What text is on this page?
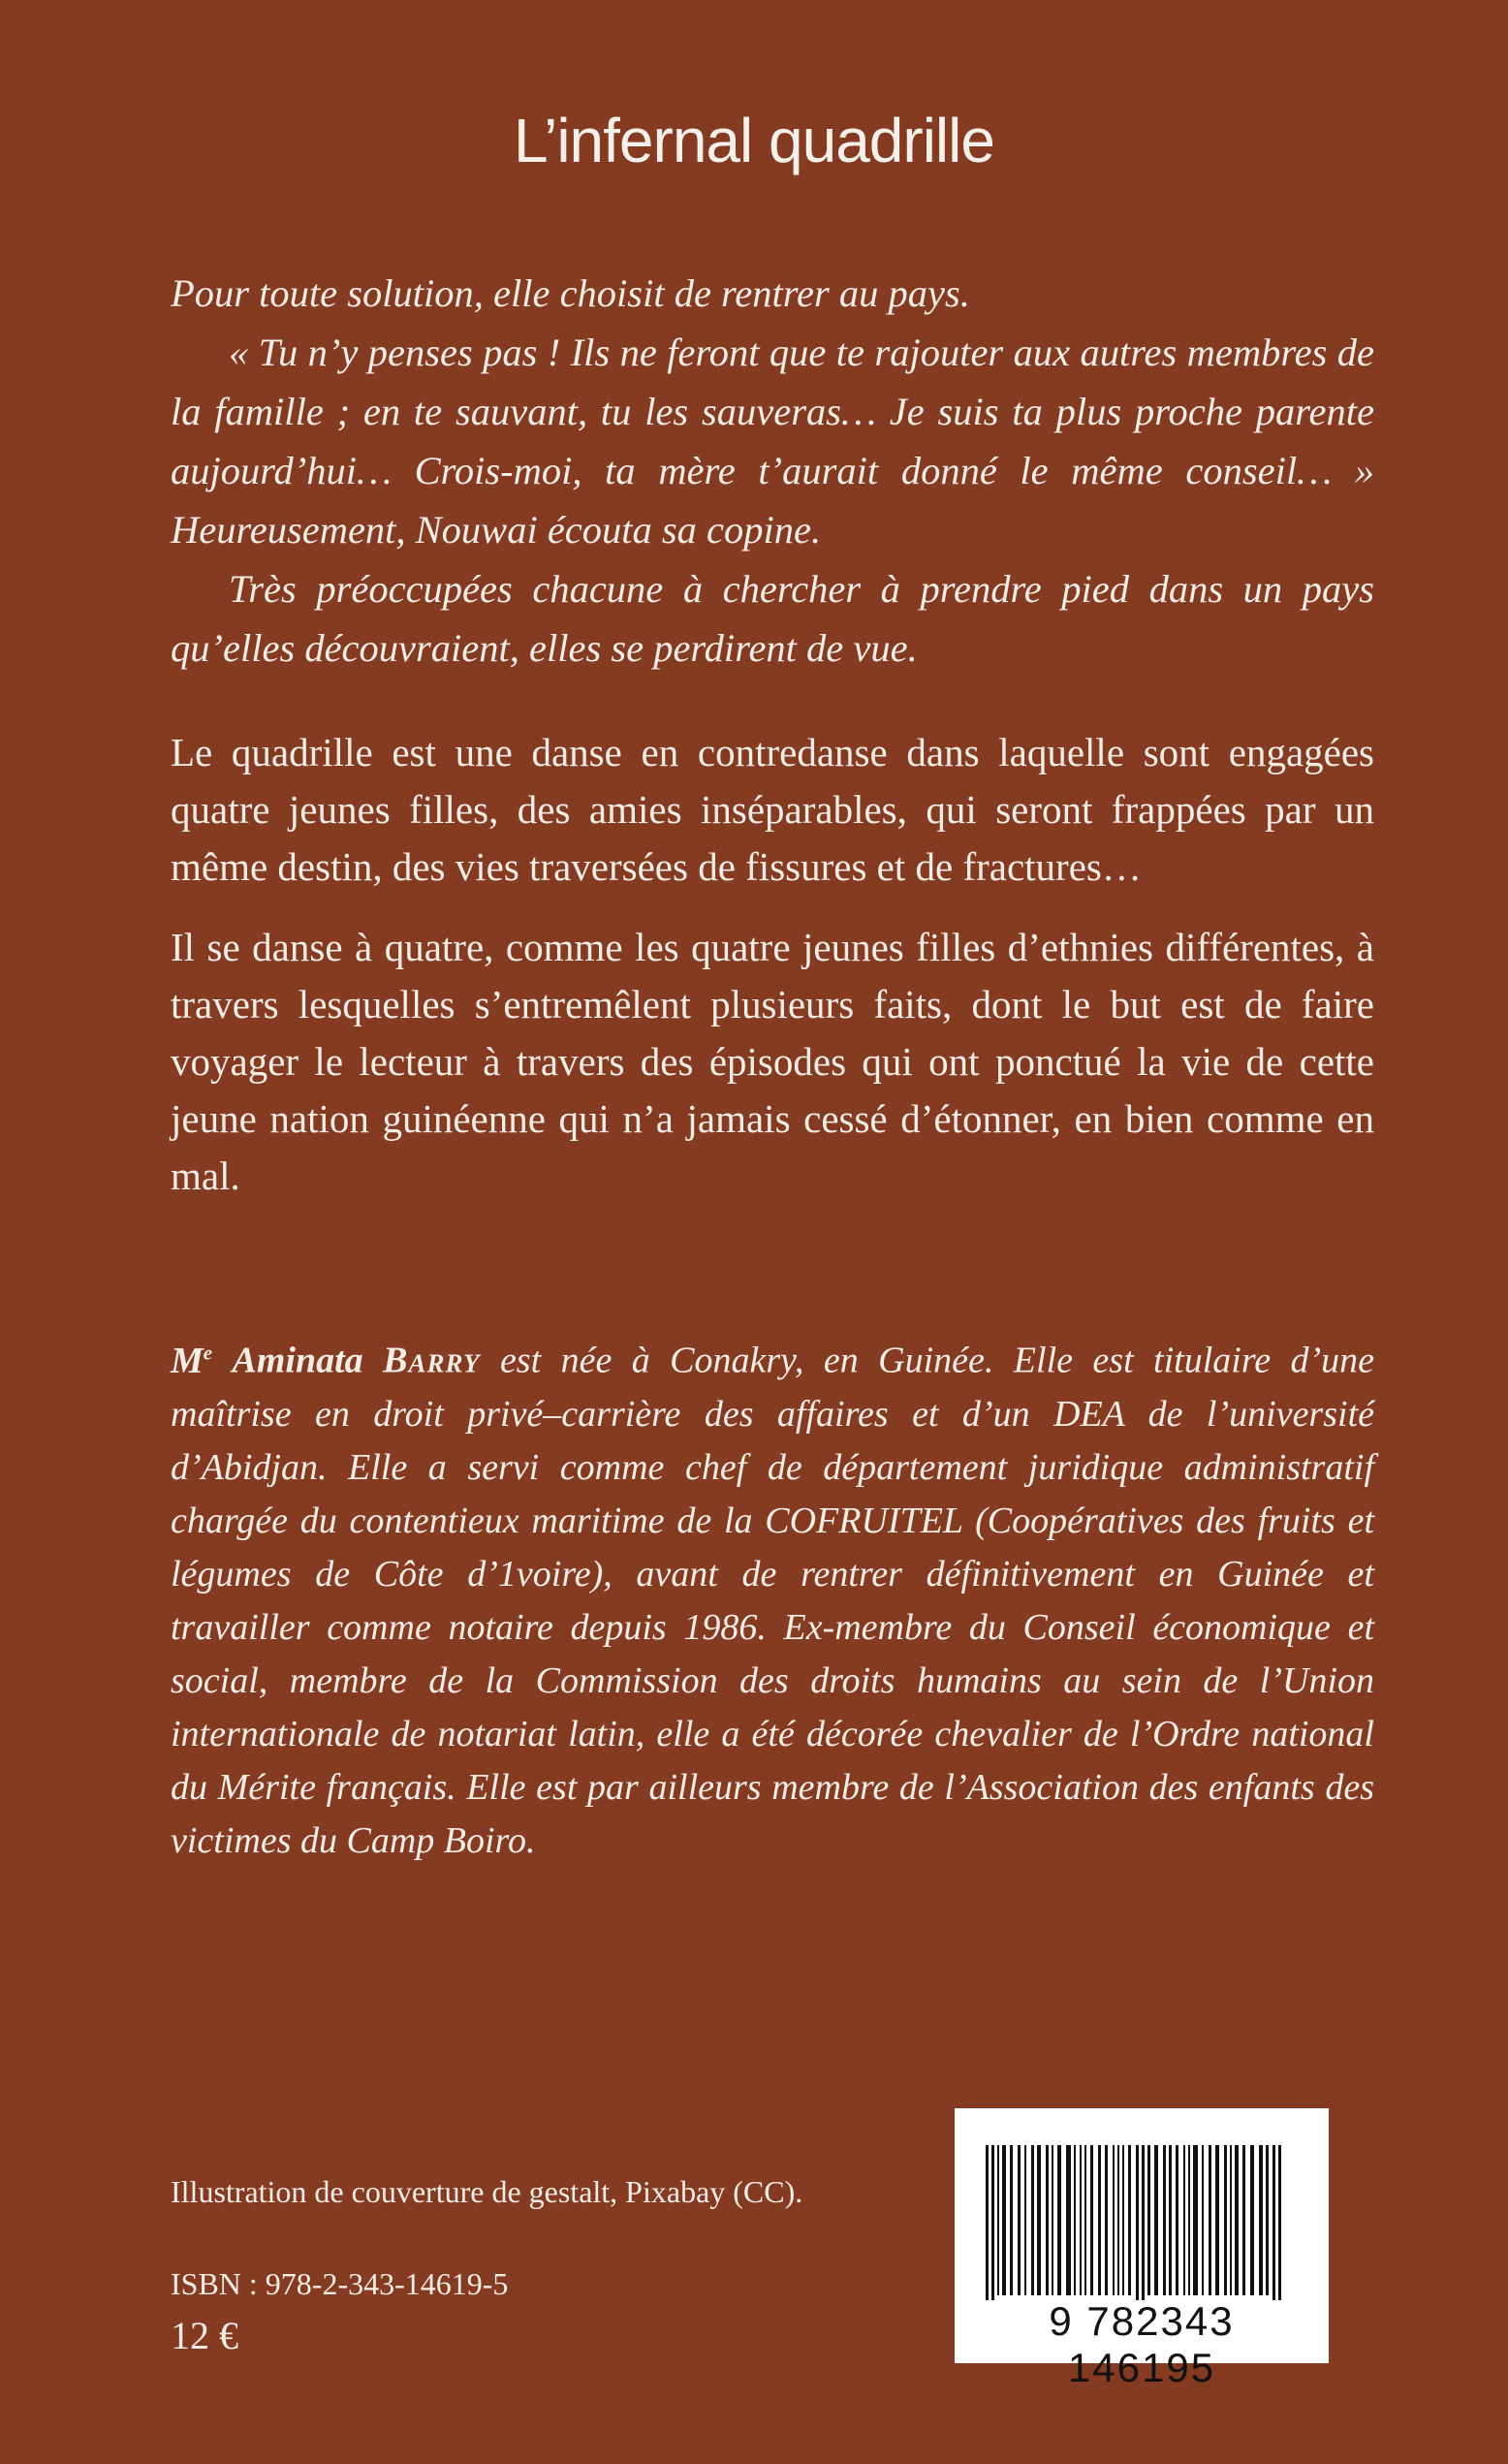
L’infernal quadrille

Pour toute solution, elle choisit de rentrer au pays.

« Tu n’y penses pas ! Ils ne feront que te rajouter aux autres membres de la famille ; en te sauvant, tu les sauveras… Je suis ta plus proche parente aujourd’hui… Crois-moi, ta mère t’aurait donné le même conseil… » Heureusement, Nouwai écouta sa copine.

Très préoccupées chacune à chercher à prendre pied dans un pays qu’elles découvraient, elles se perdirent de vue.

Le quadrille est une danse en contredanse dans laquelle sont engagées quatre jeunes filles, des amies inséparables, qui seront frappées par un même destin, des vies traversées de fissures et de fractures…

Il se danse à quatre, comme les quatre jeunes filles d’ethnies différentes, à travers lesquelles s’entremêlent plusieurs faits, dont le but est de faire voyager le lecteur à travers des épisodes qui ont ponctué la vie de cette jeune nation guinéenne qui n’a jamais cessé d’étonner, en bien comme en mal.

Me Aminata Barry est née à Conakry, en Guinée. Elle est titulaire d’une maîtrise en droit privé–carrière des affaires et d’un DEA de l’université d’Abidjan. Elle a servi comme chef de département juridique administratif chargée du contentieux maritime de la COFRUITEL (Coopératives des fruits et légumes de Côte d’1voire), avant de rentrer définitivement en Guinée et travailler comme notaire depuis 1986. Ex-membre du Conseil économique et social, membre de la Commission des droits humains au sein de l’Union internationale de notariat latin, elle a été décorée chevalier de l’Ordre national du Mérite français. Elle est par ailleurs membre de l’Association des enfants des victimes du Camp Boiro.

Illustration de couverture de gestalt, Pixabay (CC).
ISBN : 978-2-343-14619-5
12 €	9 782343 146195
